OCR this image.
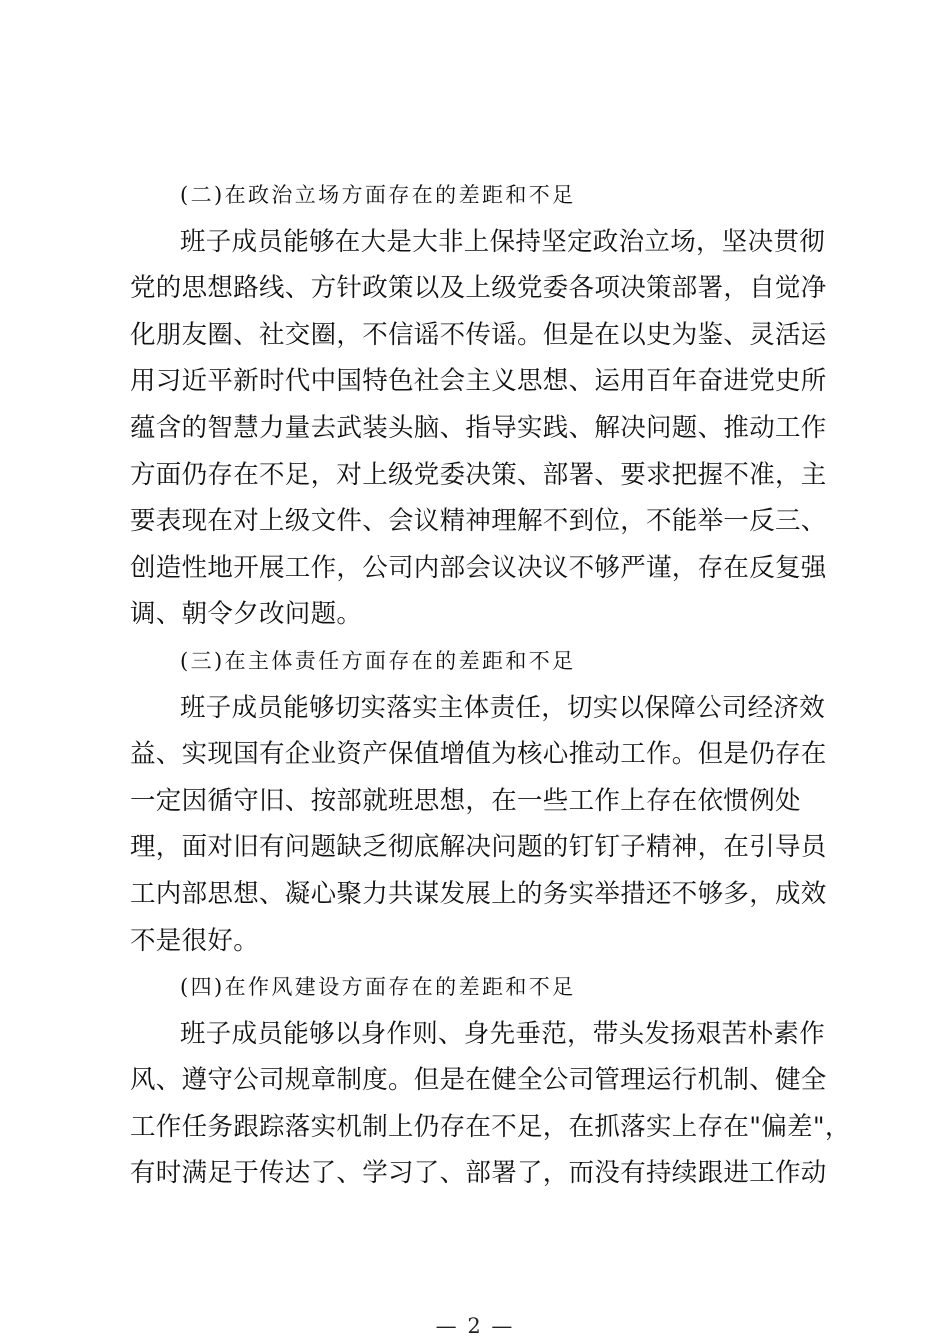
(二)在政治立场方面存在的差距和不足
班子成员能够在大是大非上保持坚定政治立场，坚决贯彻
党的思想路线、方针政策以及上级党委各项决策部署，自觉净
化朋友圈、社交圈，不信谣不传谣。但是在以史为鉴、灵活运
用习近平新时代中国特色社会主义思想、运用百年奋进党史所
蕴含的智慧力量去武装头脑、指导实践、解决问题、推动工作
方面仍存在不足，对上级党委决策、部署、要求把握不准，主
要表现在对上级文件、会议精神理解不到位，不能举一反三、
创造性地开展工作，公司内部会议决议不够严谨，存在反复强
调、朝令夕改问题。
(三)在主体责任方面存在的差距和不足
班子成员能够切实落实主体责任，切实以保障公司经济效
益、实现国有企业资产保值增值为核心推动工作。但是仍存在
一定因循守旧、按部就班思想，在一些工作上存在依惯例处
理，面对旧有问题缺乏彻底解决问题的钉钉子精神，在引导员
工内部思想、凝心聚力共谋发展上的务实举措还不够多，成效
不是很好。
(四)在作风建设方面存在的差距和不足
班子成员能够以身作则、身先垂范，带头发扬艰苦朴素作
风、遵守公司规章制度。但是在健全公司管理运行机制、健全
工作任务跟踪落实机制上仍存在不足，在抓落实上存在"偏差"，
有时满足于传达了、学习了、部署了，而没有持续跟进工作动
— 2 —
